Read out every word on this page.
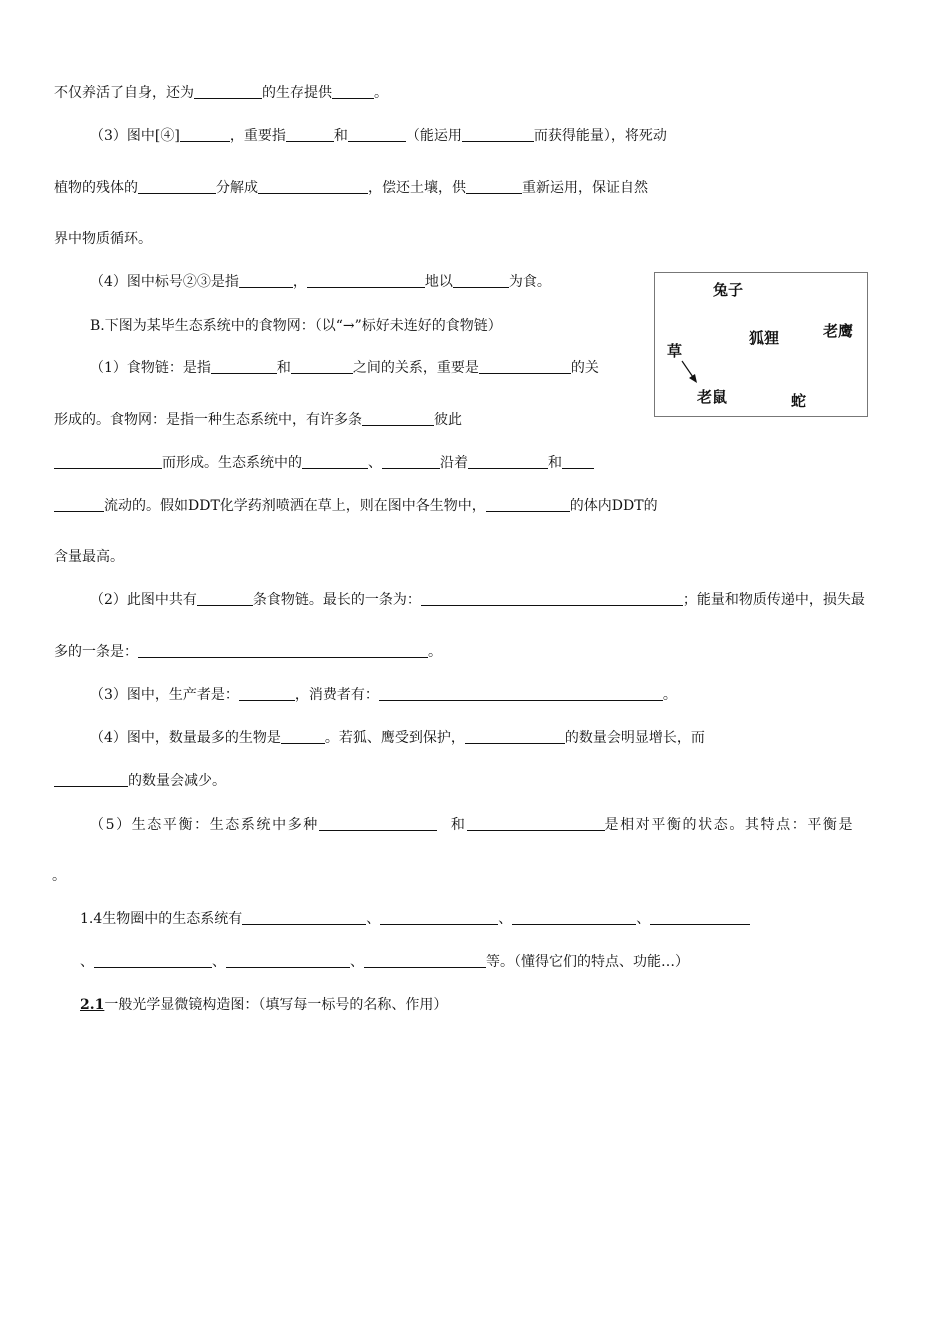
不仅养活了自身，还为	的生存提供	。
（3）图中[④]	，重要指	和	（能运用	而获得能量），将死动
植物的残体的	分解成	，偿还土壤，供	重新运用，保证自然
界中物质循环。
（4）图中标号②③是指	，	地以	为食。
B.下图为某毕生态系统中的食物网：（以“→”标好未连好的食物链）
（1）食物链：是指	和	之间的关系，重要是	的关
兔子
狐狸	老鹰
草
老鼠	蛇
形成的。食物网：是指一种生态系统中，有许多条	彼此
而形成。生态系统中的	、	沿着	和
流动的。假如DDT化学药剂喷洒在草上，则在图中各生物中，	的体内DDT的
含量最高。
（2）此图中共有	条食物链。最长的一条为：	；能量和物质传递中，损失最
多的一条是：	。
（3）图中，生产者是：	，消费者有：	。
（4）图中，数量最多的生物是	。若狐、鹰受到保护，	的数量会明显增长，而
的数量会减少。
（5）生态平衡：生态系统中多种	和	是相对平衡的状态。其特点：平衡是
。
1.4生物圈中的生态系统有	、	、	、
、	、	、	等。（懂得它们的特点、功能…）
2.1一般光学显微镜构造图：（填写每一标号的名称、作用）
